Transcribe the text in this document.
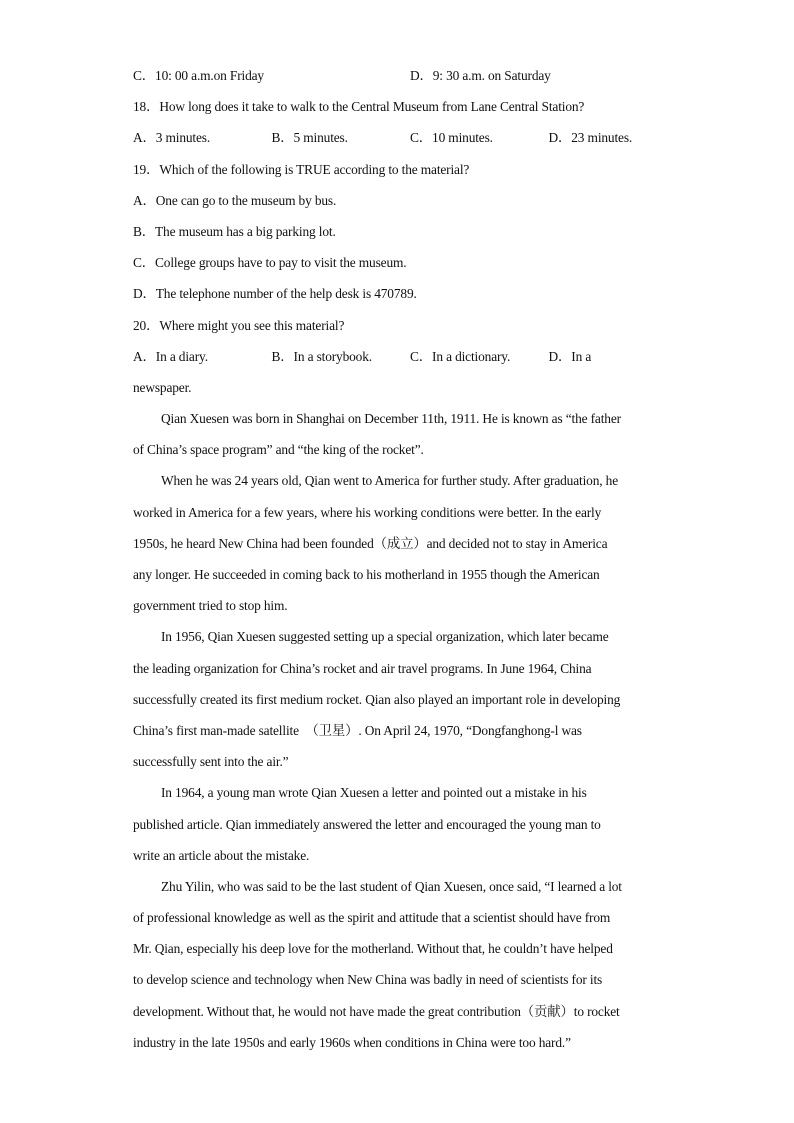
C．10: 00 a.m.on Friday	D．9: 30 a.m. on Saturday
18．How long does it take to walk to the Central Museum from Lane Central Station?
A．3 minutes.	B．5 minutes.	C．10 minutes.	D．23 minutes.
19．Which of the following is TRUE according to the material?
A．One can go to the museum by bus.
B．The museum has a big parking lot.
C．College groups have to pay to visit the museum.
D．The telephone number of the help desk is 470789.
20．Where might you see this material?
A．In a diary.	B．In a storybook.	C．In a dictionary.	D．In a
newspaper.
Qian Xuesen was born in Shanghai on December 11th, 1911. He is known as “the father
of China’s space program” and “the king of the rocket”.
When he was 24 years old, Qian went to America for further study. After graduation, he
worked in America for a few years, where his working conditions were better. In the early
1950s, he heard New China had been founded（成立）and decided not to stay in America
any longer. He succeeded in coming back to his motherland in 1955 though the American
government tried to stop him.
In 1956, Qian Xuesen suggested setting up a special organization, which later became
the leading organization for China’s rocket and air travel programs. In June 1964, China
successfully created its first medium rocket. Qian also played an important role in developing
China’s first man-made satellite　（卫星）. On April 24, 1970, “Dongfanghong-l was
successfully sent into the air.”
In 1964, a young man wrote Qian Xuesen a letter and pointed out a mistake in his
published article. Qian immediately answered the letter and encouraged the young man to
write an article about the mistake.
Zhu Yilin, who was said to be the last student of Qian Xuesen, once said, “I learned a lot
of professional knowledge as well as the spirit and attitude that a scientist should have from
Mr. Qian, especially his deep love for the motherland. Without that, he couldn’t have helped
to develop science and technology when New China was badly in need of scientists for its
development. Without that, he would not have made the great contribution（贡献）to rocket
industry in the late 1950s and early 1960s when conditions in China were too hard.”
